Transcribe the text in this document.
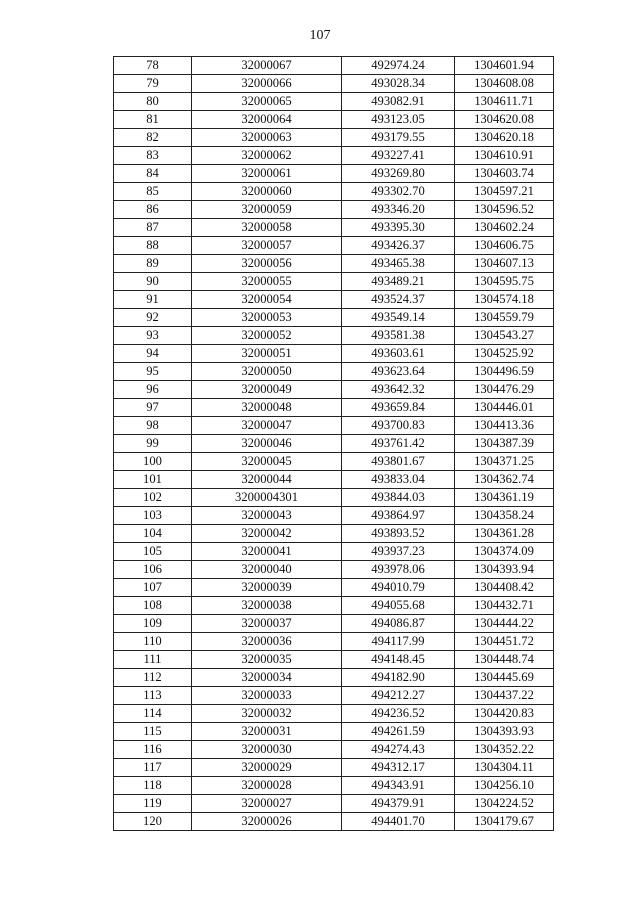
107
78	32000067	492974.24	1304601.94
79	32000066	493028.34	1304608.08
80	32000065	493082.91	1304611.71
81	32000064	493123.05	1304620.08
82	32000063	493179.55	1304620.18
83	32000062	493227.41	1304610.91
84	32000061	493269.80	1304603.74
85	32000060	493302.70	1304597.21
86	32000059	493346.20	1304596.52
87	32000058	493395.30	1304602.24
88	32000057	493426.37	1304606.75
89	32000056	493465.38	1304607.13
90	32000055	493489.21	1304595.75
91	32000054	493524.37	1304574.18
92	32000053	493549.14	1304559.79
93	32000052	493581.38	1304543.27
94	32000051	493603.61	1304525.92
95	32000050	493623.64	1304496.59
96	32000049	493642.32	1304476.29
97	32000048	493659.84	1304446.01
98	32000047	493700.83	1304413.36
99	32000046	493761.42	1304387.39
100	32000045	493801.67	1304371.25
101	32000044	493833.04	1304362.74
102	3200004301	493844.03	1304361.19
103	32000043	493864.97	1304358.24
104	32000042	493893.52	1304361.28
105	32000041	493937.23	1304374.09
106	32000040	493978.06	1304393.94
107	32000039	494010.79	1304408.42
108	32000038	494055.68	1304432.71
109	32000037	494086.87	1304444.22
110	32000036	494117.99	1304451.72
111	32000035	494148.45	1304448.74
112	32000034	494182.90	1304445.69
113	32000033	494212.27	1304437.22
114	32000032	494236.52	1304420.83
115	32000031	494261.59	1304393.93
116	32000030	494274.43	1304352.22
117	32000029	494312.17	1304304.11
118	32000028	494343.91	1304256.10
119	32000027	494379.91	1304224.52
120	32000026	494401.70	1304179.67
